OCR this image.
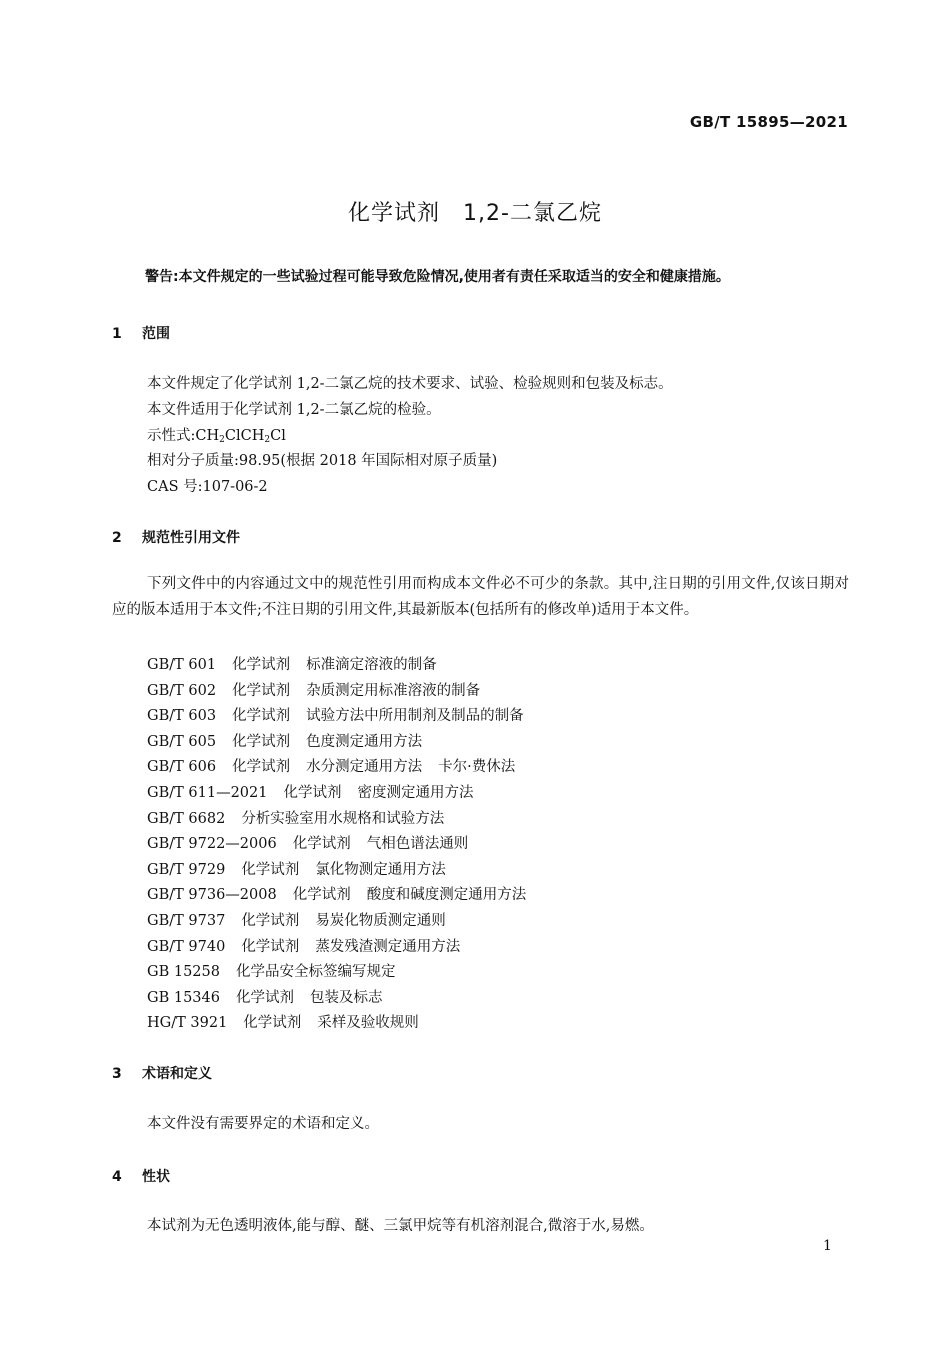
GB/T 15895—2021
化学试剂　1,2-二氯乙烷
警告:本文件规定的一些试验过程可能导致危险情况,使用者有责任采取适当的安全和健康措施。
1 范围
本文件规定了化学试剂 1,2-二氯乙烷的技术要求、试验、检验规则和包装及标志。
本文件适用于化学试剂 1,2-二氯乙烷的检验。
示性式$:CH_2ClCH_2Cl$
相对分子质量:98.95(根据 2018 年国际相对原子质量)
CAS 号:107-06-2
2 规范性引用文件
下列文件中的内容通过文中的规范性引用而构成本文件必不可少的条款。其中,注日期的引用文件,仅该日期对应的版本适用于本文件;不注日期的引用文件,其最新版本(包括所有的修改单)适用于本文件。
GB/T 601 化学试剂 标准滴定溶液的制备
GB/T 602 化学试剂 杂质测定用标准溶液的制备
GB/T 603 化学试剂 试验方法中所用制剂及制品的制备
GB/T 605 化学试剂 色度测定通用方法
GB/T 606 化学试剂 水分测定通用方法 卡尔·费休法
GB/T 611—2021 化学试剂 密度测定通用方法
GB/T 6682 分析实验室用水规格和试验方法
GB/T 9722—2006 化学试剂 气相色谱法通则
GB/T 9729 化学试剂 氯化物测定通用方法
GB/T 9736—2008 化学试剂 酸度和碱度测定通用方法
GB/T 9737 化学试剂 易炭化物质测定通则
GB/T 9740 化学试剂 蒸发残渣测定通用方法
GB 15258 化学品安全标签编写规定
GB 15346 化学试剂 包装及标志
HG/T 3921 化学试剂 采样及验收规则
3 术语和定义
本文件没有需要界定的术语和定义。
4 性状
本试剂为无色透明液体,能与醇、醚、三氯甲烷等有机溶剂混合,微溶于水,易燃。
1
